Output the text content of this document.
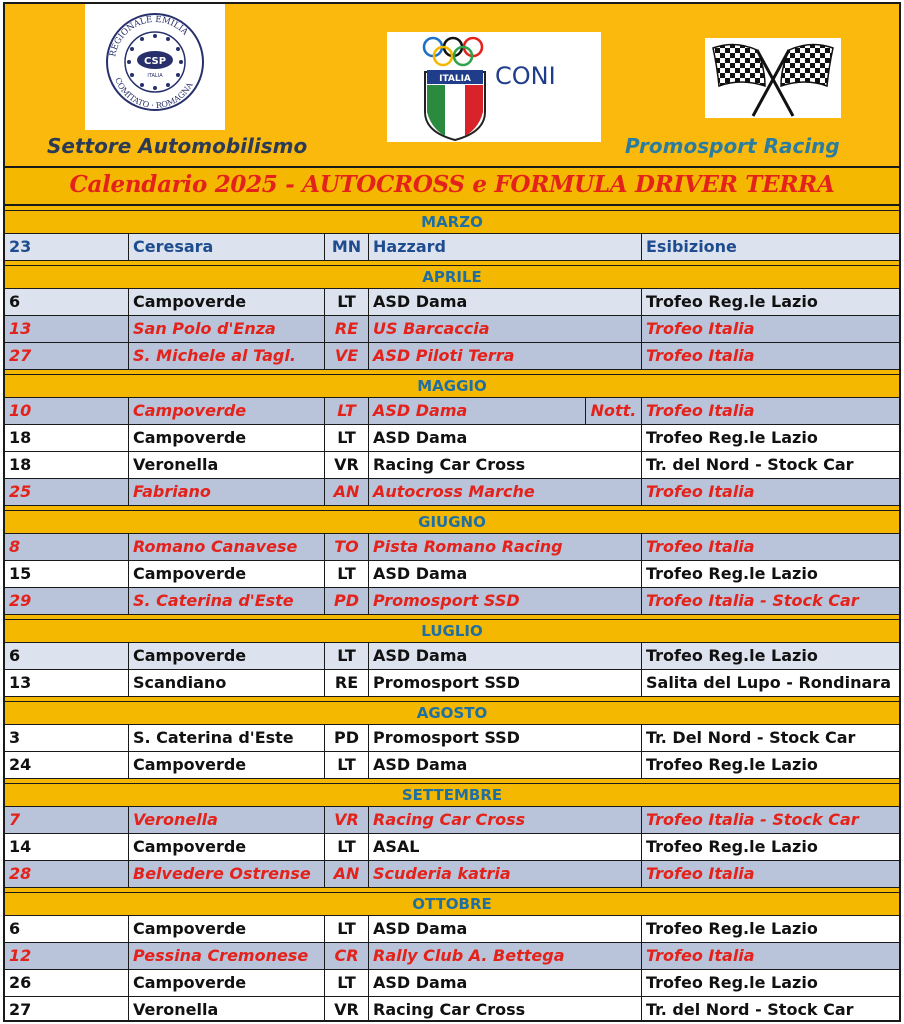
CSP
ITALIA
REGIONALE EMILIA
COMITATO · ROMAGNA
ITALIA CONI
Settore Automobilismo	Promosport Racing
Calendario 2025 - AUTOCROSS e FORMULA DRIVER TERRA
MARZO
23	Ceresara	MN Hazzard	Esibizione
APRILE
6	Campoverde	LT	ASD Dama	Trofeo Reg.le Lazio
13	San Polo d'Enza	RE US Barcaccia	Trofeo Italia
27	S. Michele al Tagl.	VE ASD Piloti Terra	Trofeo Italia
MAGGIO
10	Campoverde	LT	ASD Dama	Nott. Trofeo Italia
18	Campoverde	LT	ASD Dama	Trofeo Reg.le Lazio
18	Veronella	VR Racing Car Cross	Tr. del Nord - Stock Car
25	Fabriano	AN Autocross Marche	Trofeo Italia
GIUGNO
8	Romano Canavese	TO Pista Romano Racing	Trofeo Italia
15	Campoverde	LT	ASD Dama	Trofeo Reg.le Lazio
29	S. Caterina d'Este	PD Promosport SSD	Trofeo Italia - Stock Car
LUGLIO
6	Campoverde	LT	ASD Dama	Trofeo Reg.le Lazio
13	Scandiano	RE Promosport SSD	Salita del Lupo - Rondinara
AGOSTO
3	S. Caterina d'Este	PD Promosport SSD	Tr. Del Nord - Stock Car
24	Campoverde	LT	ASD Dama	Trofeo Reg.le Lazio
SETTEMBRE
7	Veronella	VR Racing Car Cross	Trofeo Italia - Stock Car
14	Campoverde	LT	ASAL	Trofeo Reg.le Lazio
28	Belvedere Ostrense	AN Scuderia katria	Trofeo Italia
OTTOBRE
6	Campoverde	LT	ASD Dama	Trofeo Reg.le Lazio
12	Pessina Cremonese	CR Rally Club A. Bettega	Trofeo Italia
26	Campoverde	LT	ASD Dama	Trofeo Reg.le Lazio
27	Veronella	VR Racing Car Cross	Tr. del Nord - Stock Car
